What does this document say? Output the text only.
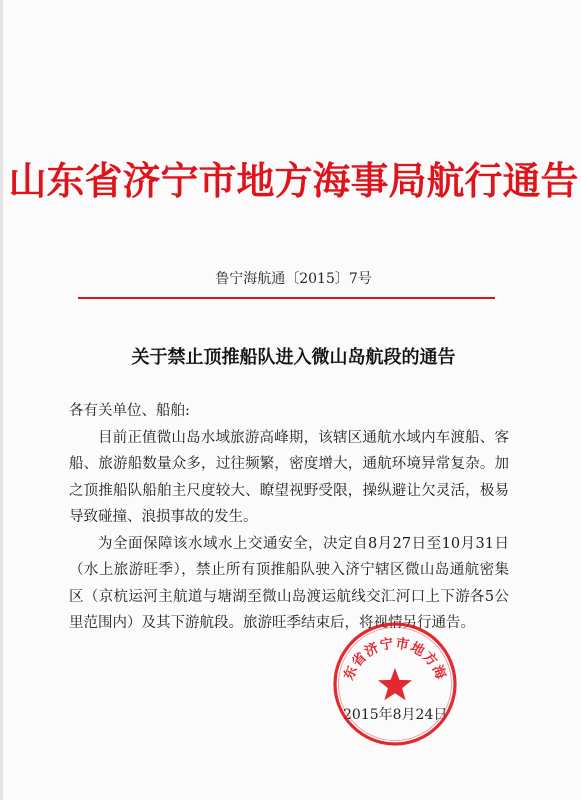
山东省济宁市地方海事局航行通告
鲁宁海航通〔2015〕7号
关于禁止顶推船队进入微山岛航段的通告

各有关单位、船舶:

目前正值微山岛水域旅游高峰期，该辖区通航水域内车渡船、客船、旅游船数量众多，过往频繁，密度增大，通航环境异常复杂。加之顶推船队船舶主尺度较大、瞭望视野受限，操纵避让欠灵活，极易导致碰撞、浪损事故的发生。

为全面保障该水域水上交通安全，决定自8月27日至10月31日（水上旅游旺季），禁止所有顶推船队驶入济宁辖区微山岛通航密集区（京杭运河主航道与塘湖至微山岛渡运航线交汇河口上下游各5公里范围内）及其下游航段。旅游旺季结束后，将视情另行通告。

2015年8月24日
东省济宁市地方海
